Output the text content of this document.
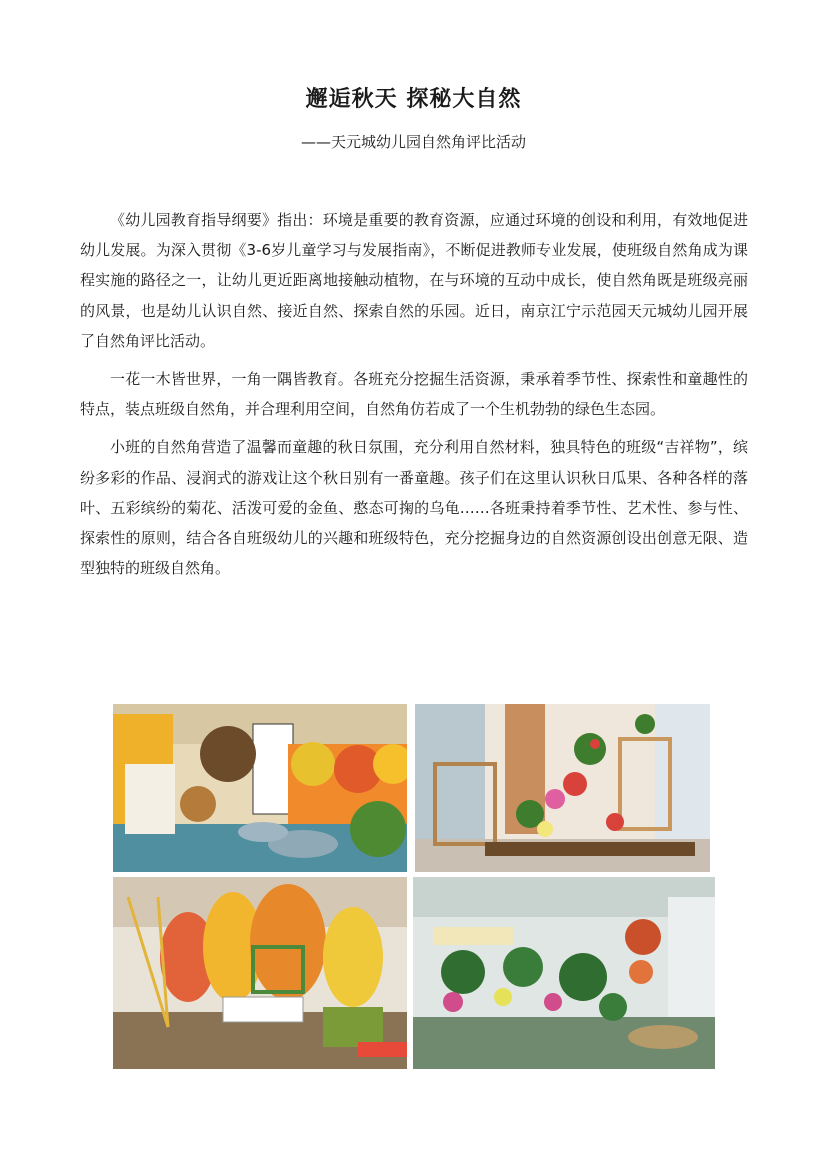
邂逅秋天 探秘大自然
——天元城幼儿园自然角评比活动

《幼儿园教育指导纲要》指出：环境是重要的教育资源，应通过环境的创设和利用，有效地促进幼儿发展。为深入贯彻《3-6岁儿童学习与发展指南》，不断促进教师专业发展，使班级自然角成为课程实施的路径之一，让幼儿更近距离地接触动植物，在与环境的互动中成长，使自然角既是班级亮丽的风景，也是幼儿认识自然、接近自然、探索自然的乐园。近日，南京江宁示范园天元城幼儿园开展了自然角评比活动。

一花一木皆世界，一角一隅皆教育。各班充分挖掘生活资源，秉承着季节性、探索性和童趣性的特点，装点班级自然角，并合理利用空间，自然角仿若成了一个生机勃勃的绿色生态园。

小班的自然角营造了温馨而童趣的秋日氛围，充分利用自然材料，独具特色的班级“吉祥物”，缤纷多彩的作品、浸润式的游戏让这个秋日别有一番童趣。孩子们在这里认识秋日瓜果、各种各样的落叶、五彩缤纷的菊花、活泼可爱的金鱼、憨态可掬的乌龟……各班秉持着季节性、艺术性、参与性、探索性的原则，结合各自班级幼儿的兴趣和班级特色，充分挖掘身边的自然资源创设出创意无限、造型独特的班级自然角。
